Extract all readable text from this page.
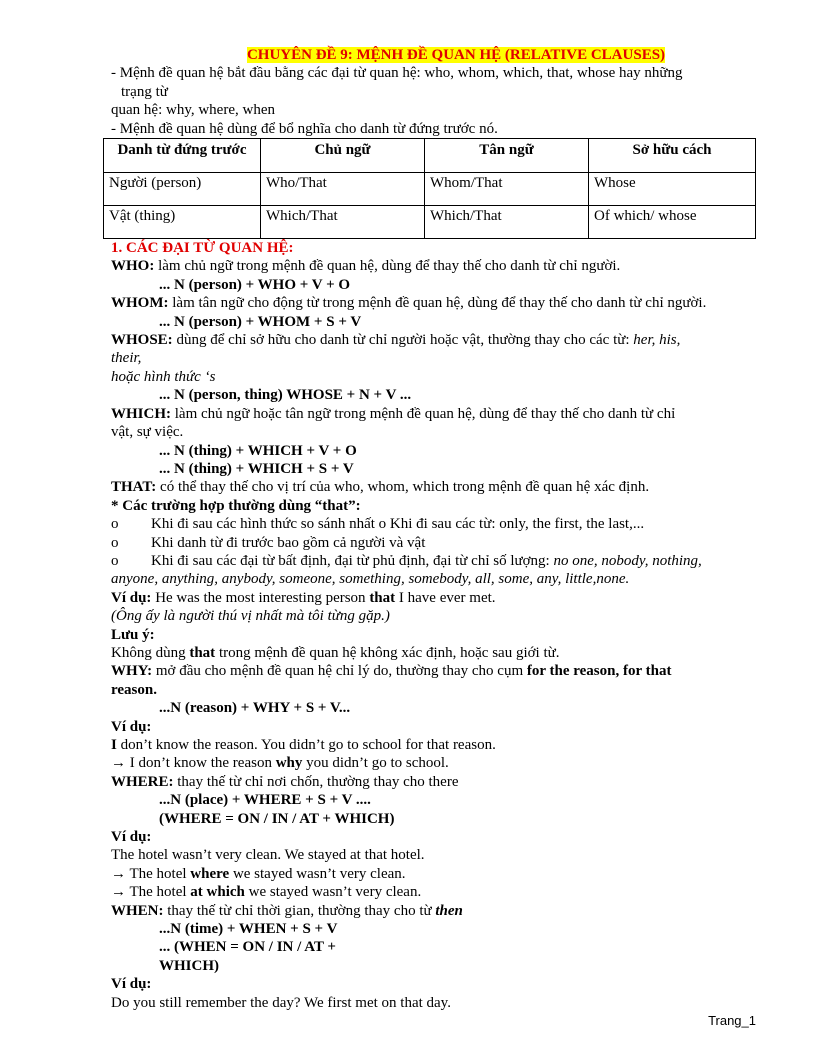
CHUYÊN ĐỀ 9: MỆNH ĐỀ QUAN HỆ (RELATIVE CLAUSES)

- Mệnh đề quan hệ bắt đầu bằng các đại từ quan hệ: who, whom, which, that, whose hay những

trạng từ

quan hệ: why, where, when

- Mệnh đề quan hệ dùng để bổ nghĩa cho danh từ đứng trước nó.

Danh từ đứng trước	Chủ ngữ	Tân ngữ	Sở hữu cách
Người (person)	Who/That	Whom/That	Whose
Vật (thing)	Which/That	Which/That	Of which/ whose

1. CÁC ĐẠI TỪ QUAN HỆ:

WHO: làm chủ ngữ trong mệnh đề quan hệ, dùng để thay thế cho danh từ chỉ người.

... N (person) + WHO + V + O

WHOM: làm tân ngữ cho động từ trong mệnh đề quan hệ, dùng để thay thế cho danh từ chỉ người.

... N (person) + WHOM + S + V

WHOSE: dùng để chỉ sở hữu cho danh từ chỉ người hoặc vật, thường thay cho các từ: her, his,

their,

hoặc hình thức ‘s

... N (person, thing) WHOSE + N + V ...

WHICH: làm chủ ngữ hoặc tân ngữ trong mệnh đề quan hệ, dùng để thay thế cho danh từ chỉ

vật, sự việc.

... N (thing) + WHICH + V + O

... N (thing) + WHICH + S + V

THAT: có thể thay thế cho vị trí của who, whom, which trong mệnh đề quan hệ xác định.

* Các trường hợp thường dùng “that”:

o	Khi đi sau các hình thức so sánh nhất o Khi đi sau các từ: only, the first, the last,...
o	Khi danh từ đi trước bao gồm cả người và vật
o	Khi đi sau các đại từ bất định, đại từ phủ định, đại từ chỉ số lượng: no one, nobody, nothing,

anyone, anything, anybody, someone, something, somebody, all, some, any, little,none.

Ví dụ: He was the most interesting person that I have ever met.

(Ông ấy là người thú vị nhất mà tôi từng gặp.)

Lưu ý:

Không dùng that trong mệnh đề quan hệ không xác định, hoặc sau giới từ.

WHY: mở đầu cho mệnh đề quan hệ chỉ lý do, thường thay cho cụm for the reason, for that

reason.

...N (reason) + WHY + S + V...

Ví dụ:

I don’t know the reason. You didn’t go to school for that reason.

→ I don’t know the reason why you didn’t go to school.

WHERE: thay thế từ chỉ nơi chốn, thường thay cho there

...N (place) + WHERE + S + V ....

(WHERE = ON / IN / AT + WHICH)

Ví dụ:

The hotel wasn’t very clean. We stayed at that hotel.

→ The hotel where we stayed wasn’t very clean.

→ The hotel at which we stayed wasn’t very clean.

WHEN: thay thế từ chỉ thời gian, thường thay cho từ then

...N (time) + WHEN + S + V

... (WHEN = ON / IN / AT +

WHICH)

Ví dụ:

Do you still remember the day? We first met on that day.

Trang_1
